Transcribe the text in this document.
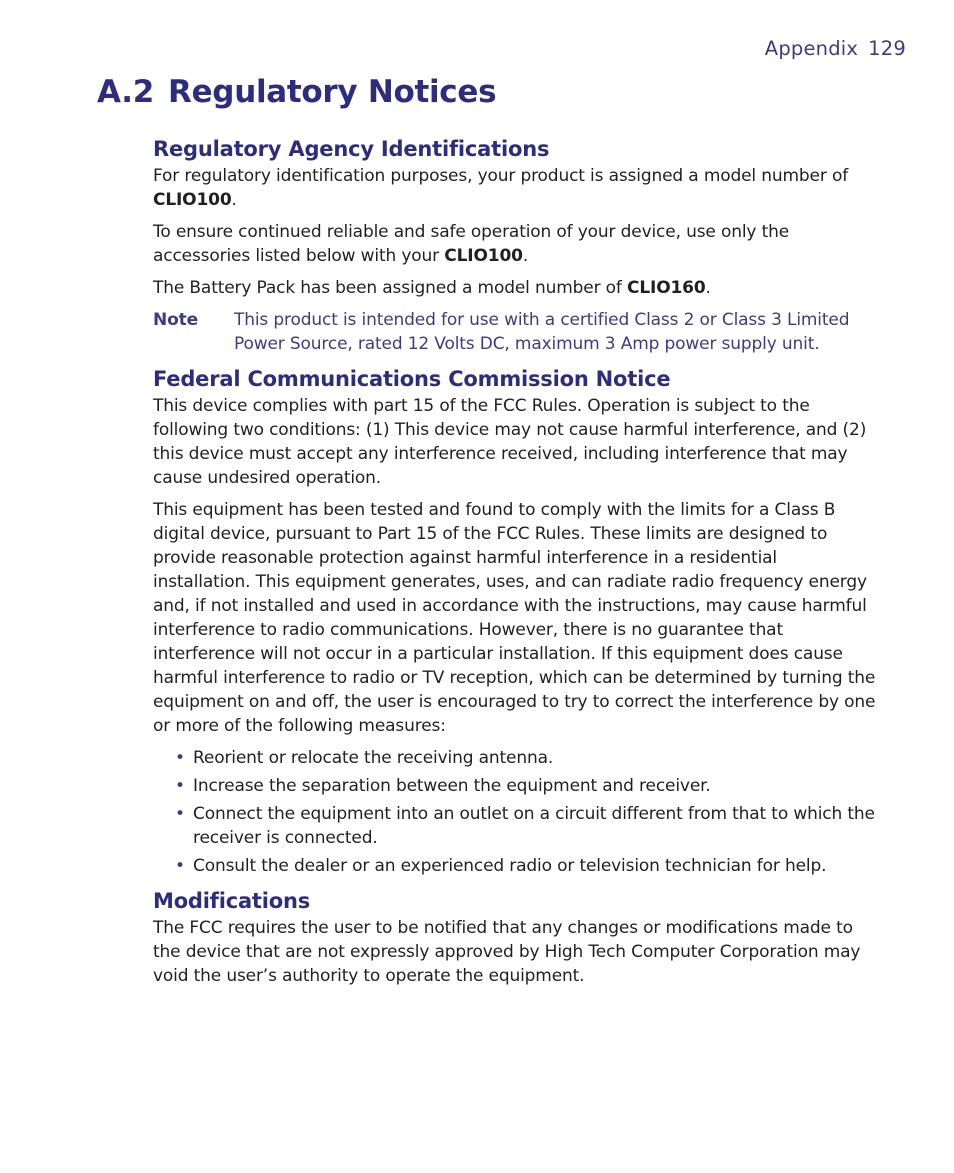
Appendix 129
A.2 Regulatory Notices
Regulatory Agency Identifications

For regulatory identification purposes, your product is assigned a model number of CLIO100.

To ensure continued reliable and safe operation of your device, use only the accessories listed below with your CLIO100.

The Battery Pack has been assigned a model number of CLIO160.

Note	This product is intended for use with a certified Class 2 or Class 3 Limited Power Source, rated 12 Volts DC, maximum 3 Amp power supply unit.
Federal Communications Commission Notice

This device complies with part 15 of the FCC Rules. Operation is subject to the following two conditions: (1) This device may not cause harmful interference, and (2) this device must accept any interference received, including interference that may cause undesired operation.

This equipment has been tested and found to comply with the limits for a Class B digital device, pursuant to Part 15 of the FCC Rules. These limits are designed to provide reasonable protection against harmful interference in a residential installation. This equipment generates, uses, and can radiate radio frequency energy and, if not installed and used in accordance with the instructions, may cause harmful interference to radio communications. However, there is no guarantee that interference will not occur in a particular installation. If this equipment does cause harmful interference to radio or TV reception, which can be determined by turning the equipment on and off, the user is encouraged to try to correct the interference by one or more of the following measures:

• Reorient or relocate the receiving antenna.
• Increase the separation between the equipment and receiver.
• Connect the equipment into an outlet on a circuit different from that to which the receiver is connected.
• Consult the dealer or an experienced radio or television technician for help.
Modifications

The FCC requires the user to be notified that any changes or modifications made to the device that are not expressly approved by High Tech Computer Corporation may void the user’s authority to operate the equipment.
